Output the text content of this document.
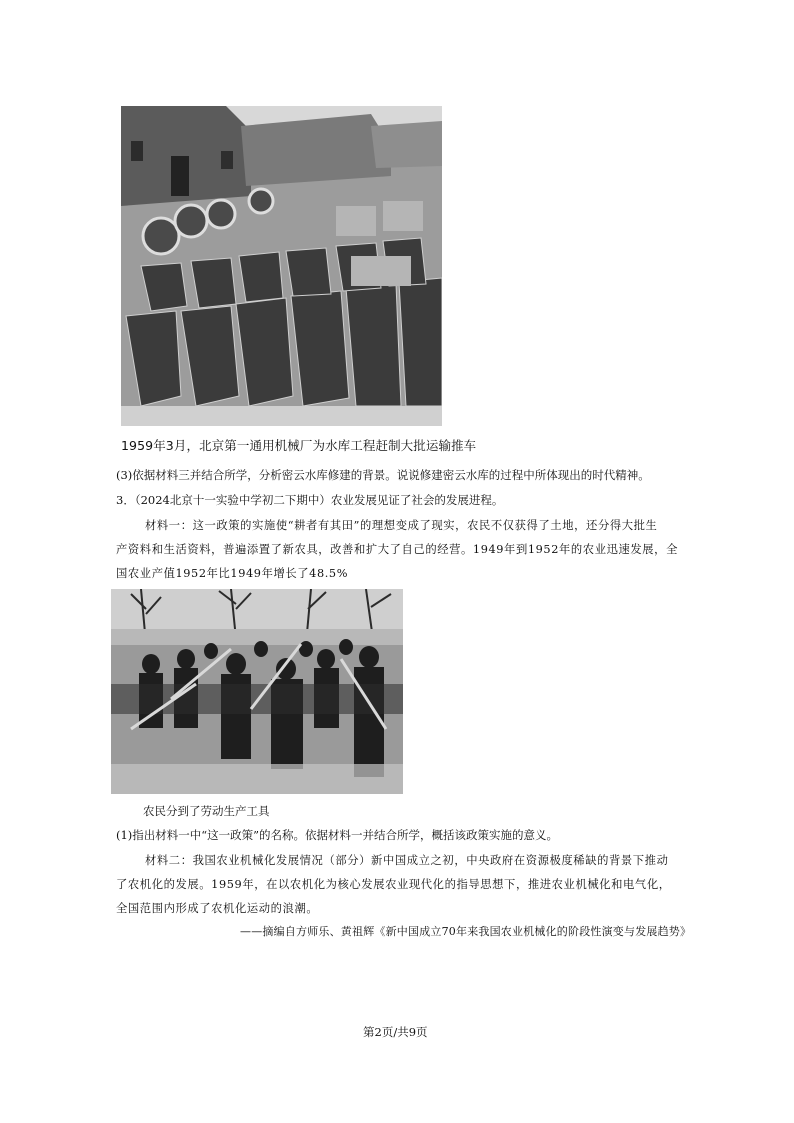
1959年3月，北京第一通用机械厂为水库工程赶制大批运输推车
(3)依据材料三并结合所学，分析密云水库修建的背景。说说修建密云水库的过程中所体现出的时代精神。
3．（2024北京十一实验中学初二下期中）农业发展见证了社会的发展进程。
材料一：这一政策的实施使“耕者有其田”的理想变成了现实，农民不仅获得了土地，还分得大批生
产资料和生活资料，普遍添置了新农具，改善和扩大了自己的经营。1949年到1952年的农业迅速发展，全
国农业产值1952年比1949年增长了48.5%
农民分到了劳动生产工具
(1)指出材料一中“这一政策”的名称。依据材料一并结合所学，概括该政策实施的意义。
材料二：我国农业机械化发展情况（部分）新中国成立之初，中央政府在资源极度稀缺的背景下推动
了农机化的发展。1959年，在以农机化为核心发展农业现代化的指导思想下，推进农业机械化和电气化，
全国范围内形成了农机化运动的浪潮。
——摘编自方师乐、黄祖辉《新中国成立70年来我国农业机械化的阶段性演变与发展趋势》
第2页/共9页
